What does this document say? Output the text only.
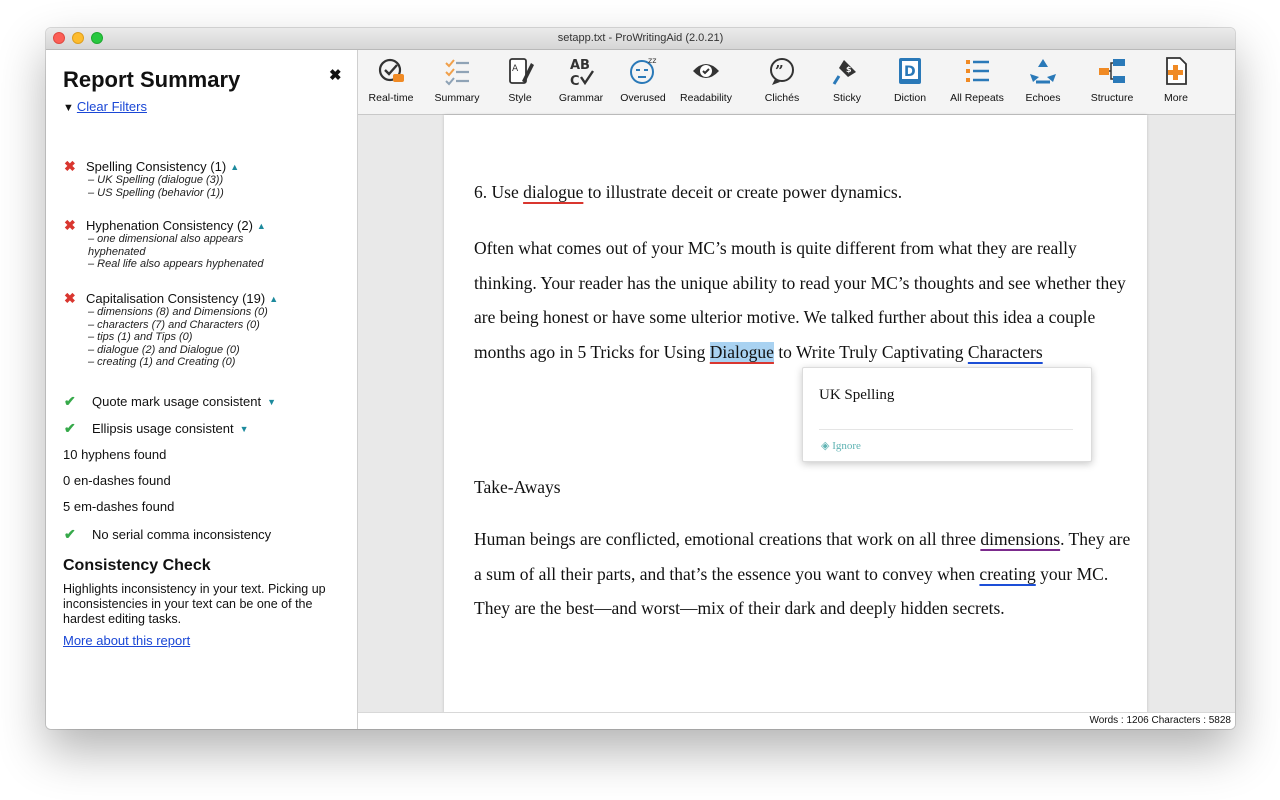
setapp.txt - ProWritingAid (2.0.21)
Report Summary	✖
▼ Clear Filters
✖ Spelling Consistency (1) ▲
– UK Spelling (dialogue (3))
– US Spelling (behavior (1))
✖ Hyphenation Consistency (2) ▲
– one dimensional also appears hyphenated
– Real life also appears hyphenated
✖ Capitalisation Consistency (19) ▲
– dimensions (8) and Dimensions (0)
– characters (7) and Characters (0)
– tips (1) and Tips (0)
– dialogue (2) and Dialogue (0)
– creating (1) and Creating (0)
✔ Quote mark usage consistent ▼
✔ Ellipsis usage consistent ▼
10 hyphens found
0 en-dashes found
5 em-dashes found
✔ No serial comma inconsistency
Consistency Check
Highlights inconsistency in your text. Picking up inconsistencies in your text can be one of the hardest editing tasks.
More about this report
Real-time	Summary
A
Style
AB
C
Grammar
zz
Overused	Readability
”
Clichés
$
Sticky
D
Diction	All Repeats	Echoes	Structure	More
6. Use dialogue to illustrate deceit or create power dynamics.
Often what comes out of your MC’s mouth is quite different from what they are really thinking. Your reader has the unique ability to read your MC’s thoughts and see whether they are being honest or have some ulterior motive. We talked further about this idea a couple months ago in 5 Tricks for Using Dialogue to Write Truly Captivating Characters
Take-Aways
Human beings are conflicted, emotional creations that work on all three dimensions. They are a sum of all their parts, and that’s the essence you want to convey when creating your MC. They are the best—and worst—mix of their dark and deeply hidden secrets.
UK Spelling
◈ Ignore
Words : 1206 Characters : 5828
